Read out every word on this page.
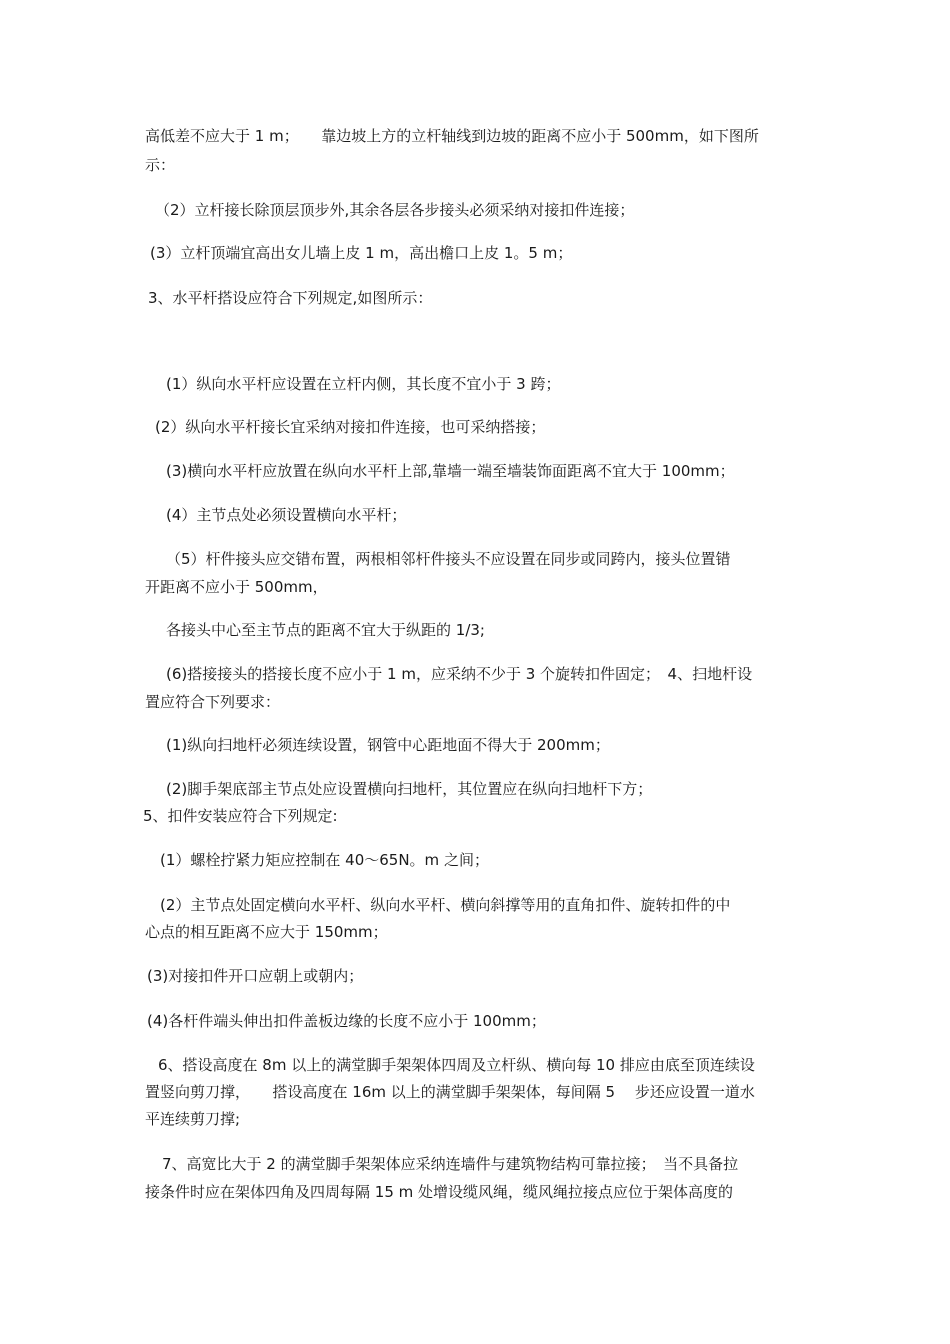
高低差不应大于 1 m；　　靠边坡上方的立杆轴线到边坡的距离不应小于 500mm，如下图所
示：
（2）立杆接长除顶层顶步外,其余各层各步接头必须采纳对接扣件连接；
(3）立杆顶端宜高出女儿墙上皮 1 m，高出檐口上皮 1。5 m；
3、水平杆搭设应符合下列规定,如图所示：
(1）纵向水平杆应设置在立杆内侧，其长度不宜小于 3 跨；
(2）纵向水平杆接长宜采纳对接扣件连接，也可采纳搭接；
(3)横向水平杆应放置在纵向水平杆上部,靠墙一端至墙装饰面距离不宜大于 100mm；
(4）主节点处必须设置横向水平杆；
（5）杆件接头应交错布置，两根相邻杆件接头不应设置在同步或同跨内，接头位置错
开距离不应小于 500mm，
各接头中心至主节点的距离不宜大于纵距的 1/3;
(6)搭接接头的搭接长度不应小于 1 m，应采纳不少于 3 个旋转扣件固定；　4、扫地杆设
置应符合下列要求：
(1)纵向扫地杆必须连续设置，钢管中心距地面不得大于 200mm；
(2)脚手架底部主节点处应设置横向扫地杆，其位置应在纵向扫地杆下方；
5、扣件安装应符合下列规定:
(1）螺栓拧紧力矩应控制在 40～65N。m 之间；
(2）主节点处固定横向水平杆、纵向水平杆、横向斜撑等用的直角扣件、旋转扣件的中
心点的相互距离不应大于 150mm；
(3)对接扣件开口应朝上或朝内；
(4)各杆件端头伸出扣件盖板边缘的长度不应小于 100mm；
6、搭设高度在 8m 以上的满堂脚手架架体四周及立杆纵、横向每 10 排应由底至顶连续设
置竖向剪刀撑，　　搭设高度在 16m 以上的满堂脚手架架体，每间隔 5　 步还应设置一道水
平连续剪刀撑;
7、高宽比大于 2 的满堂脚手架架体应采纳连墙件与建筑物结构可靠拉接；　当不具备拉
接条件时应在架体四角及四周每隔 15 m 处增设缆风绳，缆风绳拉接点应位于架体高度的
